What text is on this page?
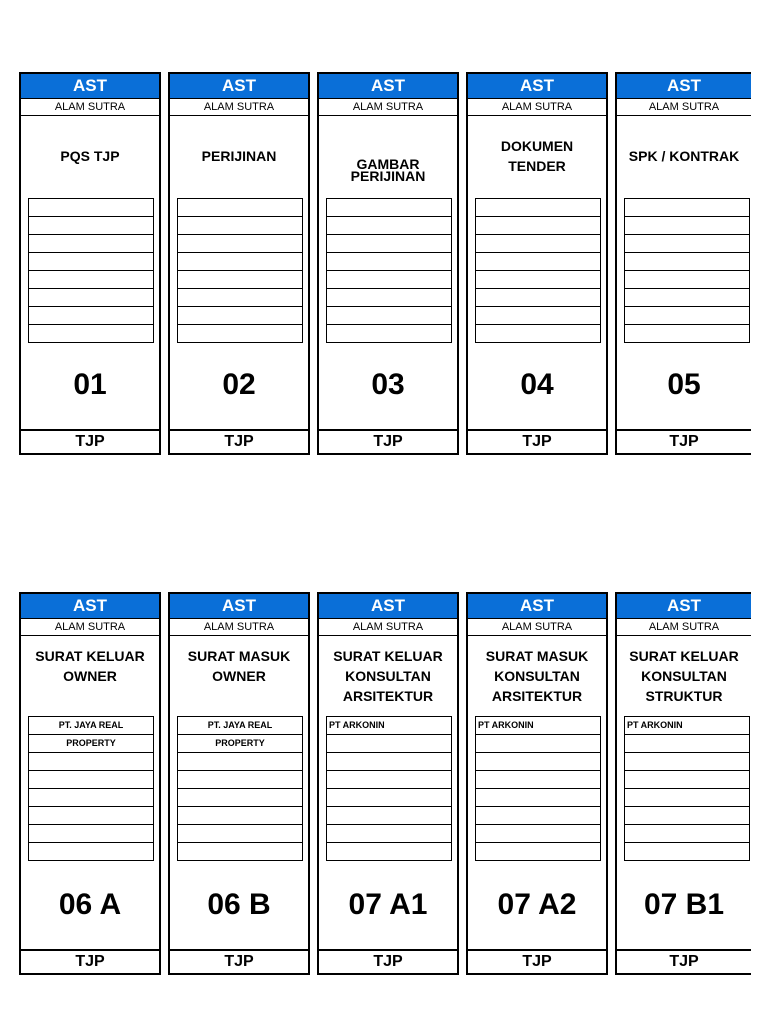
AST
ALAM SUTRA
PQS TJP
01
TJP
AST
ALAM SUTRA
PERIJINAN
02
TJP
AST
ALAM SUTRA
GAMBAR
PERIJINAN
03
TJP
AST
ALAM SUTRA
DOKUMEN
TENDER
04
TJP
AST
ALAM SUTRA
SPK / KONTRAK
05
TJP
AST
ALAM SUTRA
SURAT KELUAR
OWNER
PT. JAYA REAL
PROPERTY
06 A
TJP
AST
ALAM SUTRA
SURAT MASUK
OWNER
PT. JAYA REAL
PROPERTY
06 B
TJP
AST
ALAM SUTRA
SURAT KELUAR
KONSULTAN
ARSITEKTUR
PT ARKONIN
07 A1
TJP
AST
ALAM SUTRA
SURAT MASUK
KONSULTAN
ARSITEKTUR
PT ARKONIN
07 A2
TJP
AST
ALAM SUTRA
SURAT KELUAR
KONSULTAN
STRUKTUR
PT ARKONIN
07 B1
TJP
